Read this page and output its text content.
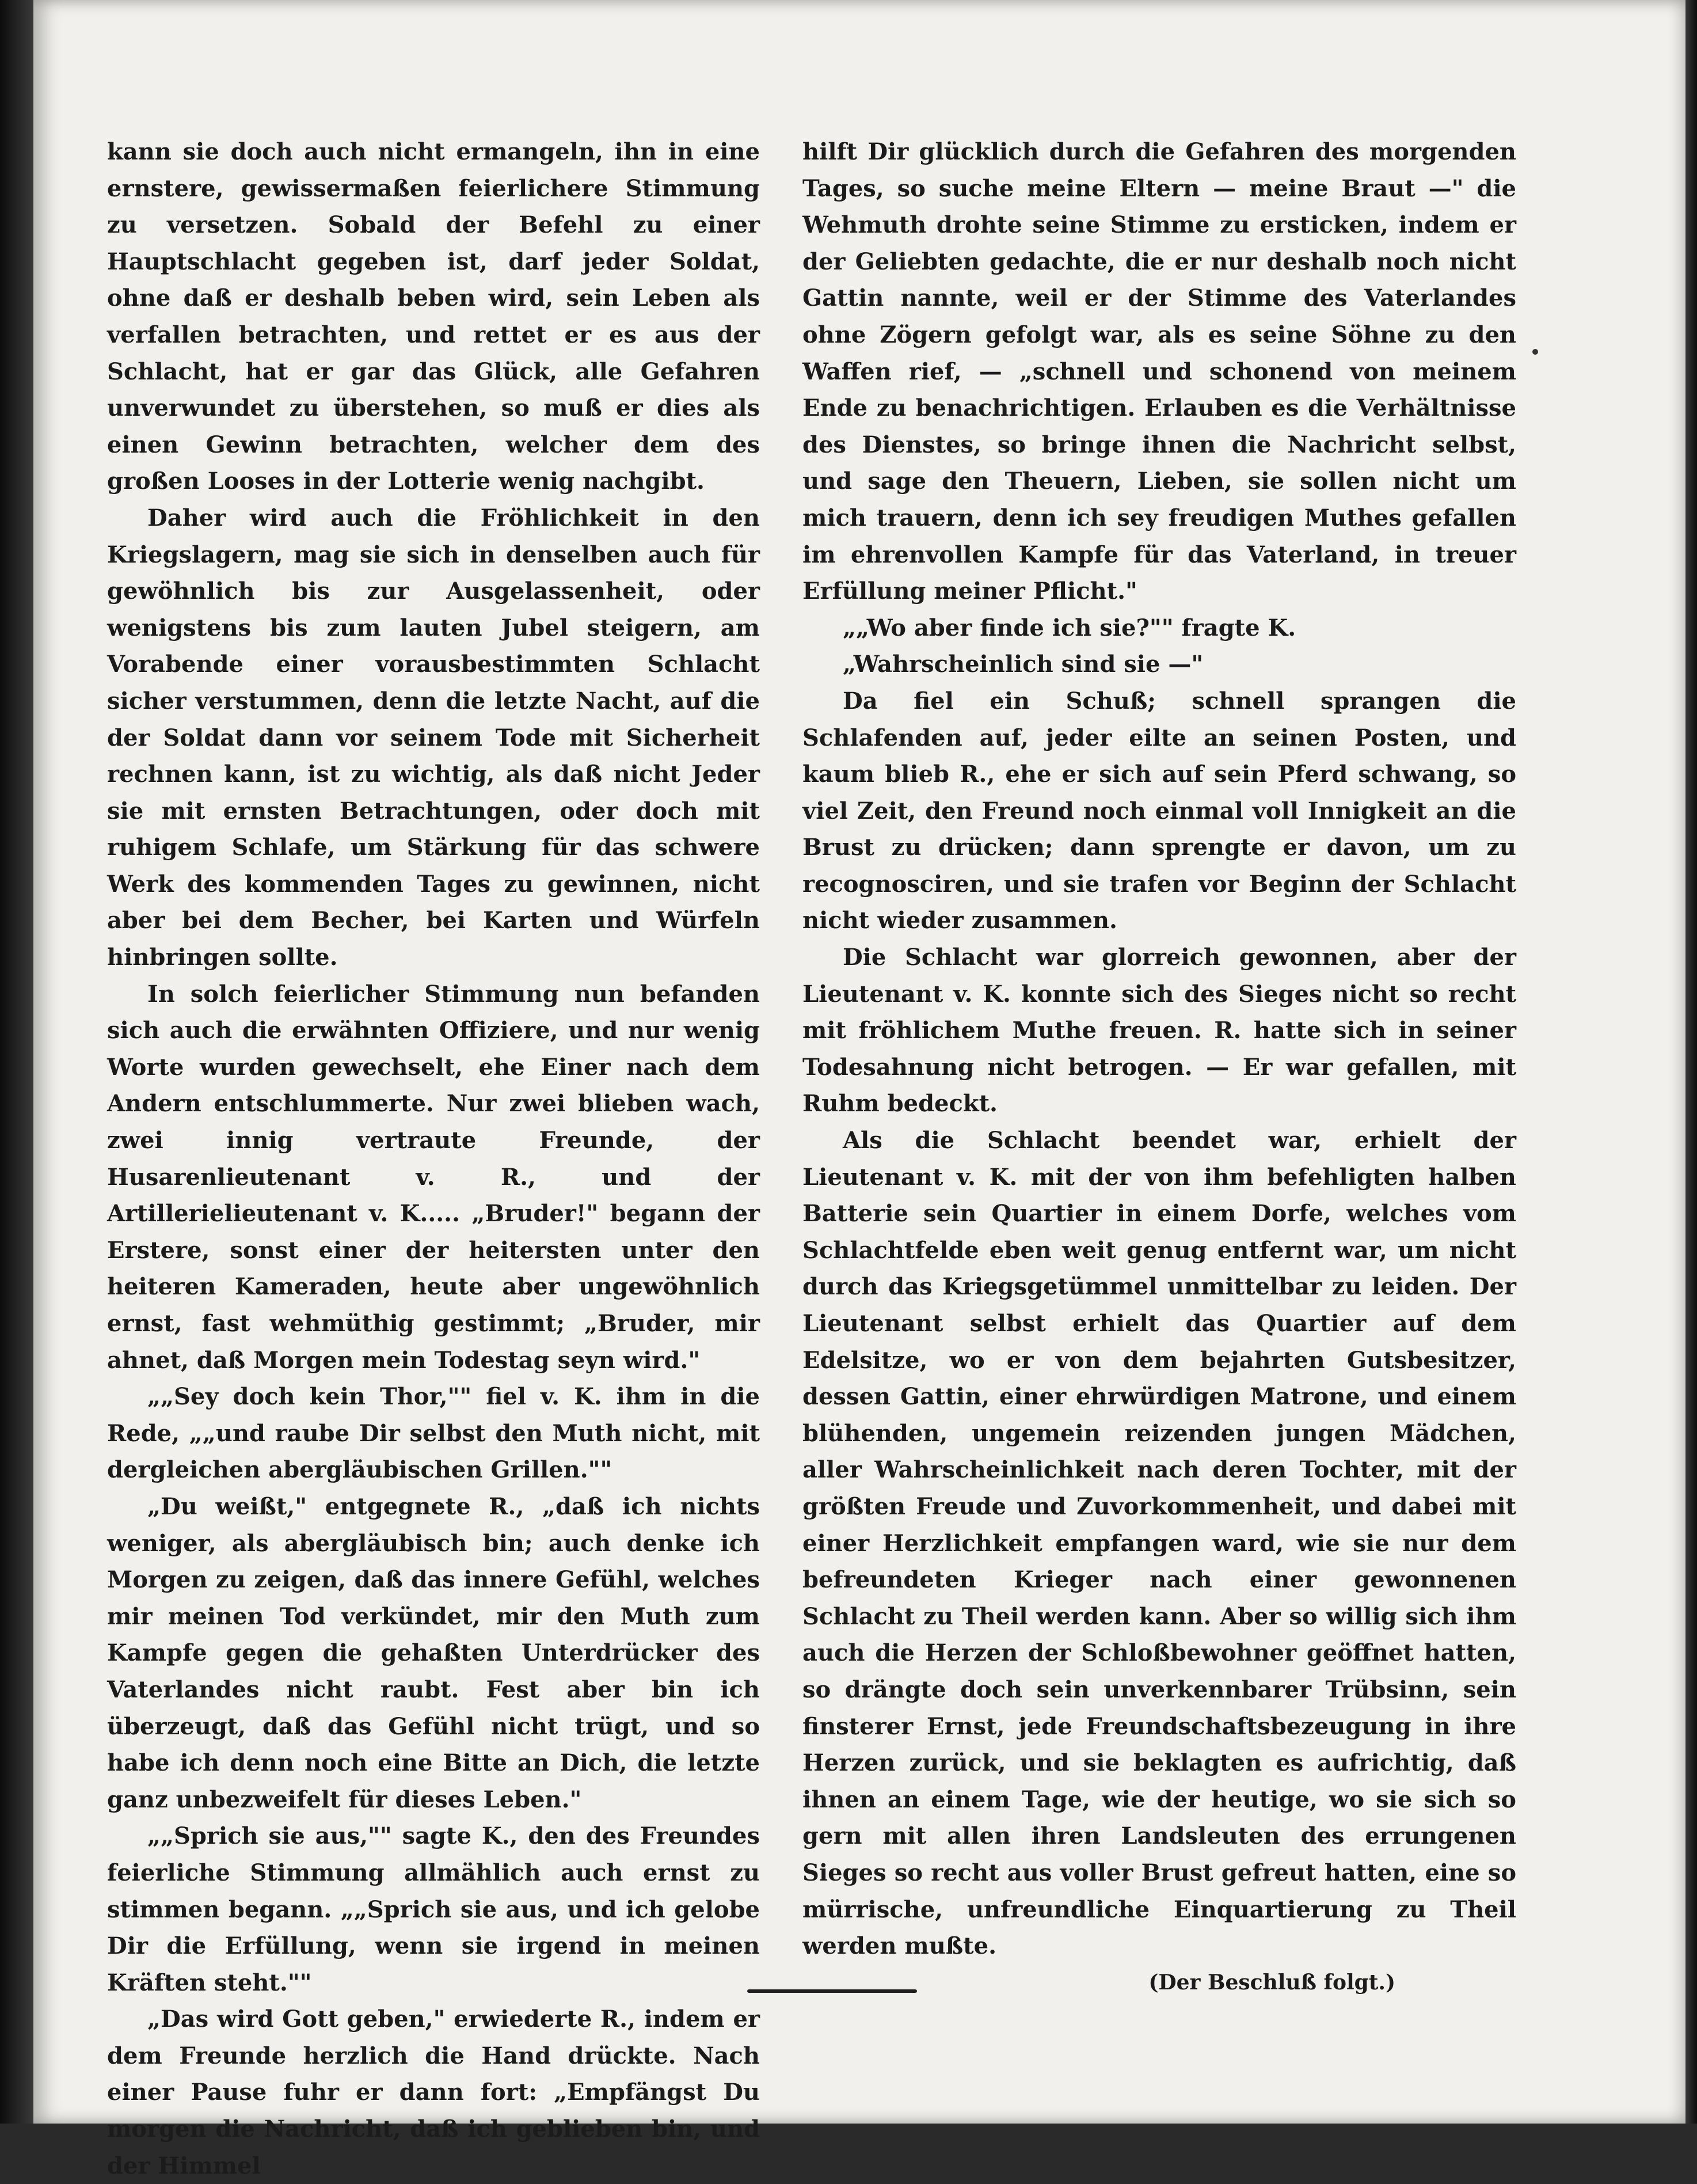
kann sie doch auch nicht ermangeln, ihn in eine ernstere, gewissermaßen feierlichere Stimmung zu versetzen. Sobald der Befehl zu einer Hauptschlacht gegeben ist, darf jeder Soldat, ohne daß er deshalb beben wird, sein Leben als verfallen betrachten, und rettet er es aus der Schlacht, hat er gar das Glück, alle Gefahren unverwundet zu überstehen, so muß er dies als einen Gewinn betrachten, welcher dem des großen Looses in der Lotterie wenig nachgibt.

Daher wird auch die Fröhlichkeit in den Kriegslagern, mag sie sich in denselben auch für gewöhnlich bis zur Ausgelassenheit, oder wenigstens bis zum lauten Jubel steigern, am Vorabende einer vorausbestimmten Schlacht sicher verstummen, denn die letzte Nacht, auf die der Soldat dann vor seinem Tode mit Sicherheit rechnen kann, ist zu wichtig, als daß nicht Jeder sie mit ernsten Betrachtungen, oder doch mit ruhigem Schlafe, um Stärkung für das schwere Werk des kommenden Tages zu gewinnen, nicht aber bei dem Becher, bei Karten und Würfeln hinbringen sollte.

In solch feierlicher Stimmung nun befanden sich auch die erwähnten Offiziere, und nur wenig Worte wurden gewechselt, ehe Einer nach dem Andern entschlummerte. Nur zwei blieben wach, zwei innig vertraute Freunde, der Husarenlieutenant v. R., und der Artillerielieutenant v. K..... „Bruder!" begann der Erstere, sonst einer der heitersten unter den heiteren Kameraden, heute aber ungewöhnlich ernst, fast wehmüthig gestimmt; „Bruder, mir ahnet, daß Morgen mein Todestag seyn wird."

„„Sey doch kein Thor,"" fiel v. K. ihm in die Rede, „„und raube Dir selbst den Muth nicht, mit dergleichen abergläubischen Grillen.""

„Du weißt," entgegnete R., „daß ich nichts weniger, als abergläubisch bin; auch denke ich Morgen zu zeigen, daß das innere Gefühl, welches mir meinen Tod verkündet, mir den Muth zum Kampfe gegen die gehaßten Unterdrücker des Vaterlandes nicht raubt. Fest aber bin ich überzeugt, daß das Gefühl nicht trügt, und so habe ich denn noch eine Bitte an Dich, die letzte ganz unbezweifelt für dieses Leben."

„„Sprich sie aus,"" sagte K., den des Freundes feierliche Stimmung allmählich auch ernst zu stimmen begann. „„Sprich sie aus, und ich gelobe Dir die Erfüllung, wenn sie irgend in meinen Kräften steht.""

„Das wird Gott geben," erwiederte R., indem er dem Freunde herzlich die Hand drückte. Nach einer Pause fuhr er dann fort: „Empfängst Du morgen die Nachricht, daß ich geblieben bin, und der Himmel

hilft Dir glücklich durch die Gefahren des morgenden Tages, so suche meine Eltern — meine Braut —" die Wehmuth drohte seine Stimme zu ersticken, indem er der Geliebten gedachte, die er nur deshalb noch nicht Gattin nannte, weil er der Stimme des Vaterlandes ohne Zögern gefolgt war, als es seine Söhne zu den Waffen rief, — „schnell und schonend von meinem Ende zu benachrichtigen. Erlauben es die Verhältnisse des Dienstes, so bringe ihnen die Nachricht selbst, und sage den Theuern, Lieben, sie sollen nicht um mich trauern, denn ich sey freudigen Muthes gefallen im ehrenvollen Kampfe für das Vaterland, in treuer Erfüllung meiner Pflicht."

„„Wo aber finde ich sie?"" fragte K.

„Wahrscheinlich sind sie —"

Da fiel ein Schuß; schnell sprangen die Schlafenden auf, jeder eilte an seinen Posten, und kaum blieb R., ehe er sich auf sein Pferd schwang, so viel Zeit, den Freund noch einmal voll Innigkeit an die Brust zu drücken; dann sprengte er davon, um zu recognosciren, und sie trafen vor Beginn der Schlacht nicht wieder zusammen.

Die Schlacht war glorreich gewonnen, aber der Lieutenant v. K. konnte sich des Sieges nicht so recht mit fröhlichem Muthe freuen. R. hatte sich in seiner Todesahnung nicht betrogen. — Er war gefallen, mit Ruhm bedeckt.

Als die Schlacht beendet war, erhielt der Lieutenant v. K. mit der von ihm befehligten halben Batterie sein Quartier in einem Dorfe, welches vom Schlachtfelde eben weit genug entfernt war, um nicht durch das Kriegsgetümmel unmittelbar zu leiden. Der Lieutenant selbst erhielt das Quartier auf dem Edelsitze, wo er von dem bejahrten Gutsbesitzer, dessen Gattin, einer ehrwürdigen Matrone, und einem blühenden, ungemein reizenden jungen Mädchen, aller Wahrscheinlichkeit nach deren Tochter, mit der größten Freude und Zuvorkommenheit, und dabei mit einer Herzlichkeit empfangen ward, wie sie nur dem befreundeten Krieger nach einer gewonnenen Schlacht zu Theil werden kann. Aber so willig sich ihm auch die Herzen der Schloßbewohner geöffnet hatten, so drängte doch sein unverkennbarer Trübsinn, sein finsterer Ernst, jede Freundschaftsbezeugung in ihre Herzen zurück, und sie beklagten es aufrichtig, daß ihnen an einem Tage, wie der heutige, wo sie sich so gern mit allen ihren Landsleuten des errungenen Sieges so recht aus voller Brust gefreut hatten, eine so mürrische, unfreundliche Einquartierung zu Theil werden mußte.

(Der Beschluß folgt.)
